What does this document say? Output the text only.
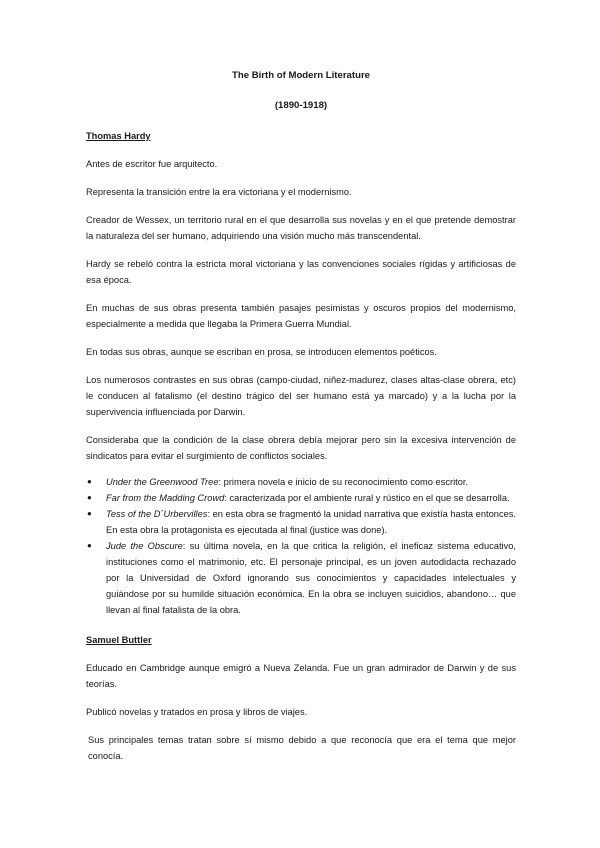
The Birth of Modern Literature
(1890-1918)
Thomas Hardy

Antes de escritor fue arquitecto.

Representa la transición entre la era victoriana y el modernismo.

Creador de Wessex, un territorio rural en el que desarrolla sus novelas y en el que pretende demostrar la naturaleza del ser humano, adquiriendo una visión mucho más transcendental.

Hardy se rebeló contra la estricta moral victoriana y las convenciones sociales rígidas y artificiosas de esa época.

En muchas de sus obras presenta también pasajes pesimistas y oscuros propios del modernismo, especialmente a medida que llegaba la Primera Guerra Mundial.

En todas sus obras, aunque se escriban en prosa, se introducen elementos poéticos.

Los numerosos contrastes en sus obras (campo-ciudad, niñez-madurez, clases altas-clase obrera, etc) le conducen al fatalismo (el destino trágico del ser humano está ya marcado) y a la lucha por la supervivencia influenciada por Darwin.

Consideraba que la condición de la clase obrera debía mejorar pero sin la excesiva intervención de sindicatos para evitar el surgimiento de conflictos sociales.

● Under the Greenwood Tree: primera novela e inicio de su reconocimiento como escritor.
● Far from the Madding Crowd: caracterizada por el ambiente rural y rústico en el que se desarrolla.
● Tess of the D´Urbervilles: en esta obra se fragmentó la unidad narrativa que existía hasta entonces. En esta obra la protagonista es ejecutada al final (justice was done).
● Jude the Obscure: su última novela, en la que critica la religión, el ineficaz sistema educativo, instituciones como el matrimonio, etc. El personaje principal, es un joven autodidacta rechazado por la Universidad de Oxford ignorando sus conocimientos y capacidades intelectuales y guiándose por su humilde situación económica. En la obra se incluyen suicidios, abandono… que llevan al final fatalista de la obra.
Samuel Buttler

Educado en Cambridge aunque emigró a Nueva Zelanda. Fue un gran admirador de Darwin y de sus teorías.

Publicó novelas y tratados en prosa y libros de viajes.

Sus principales temas tratan sobre sí mismo debido a que reconocía que era el tema que mejor conocía.
